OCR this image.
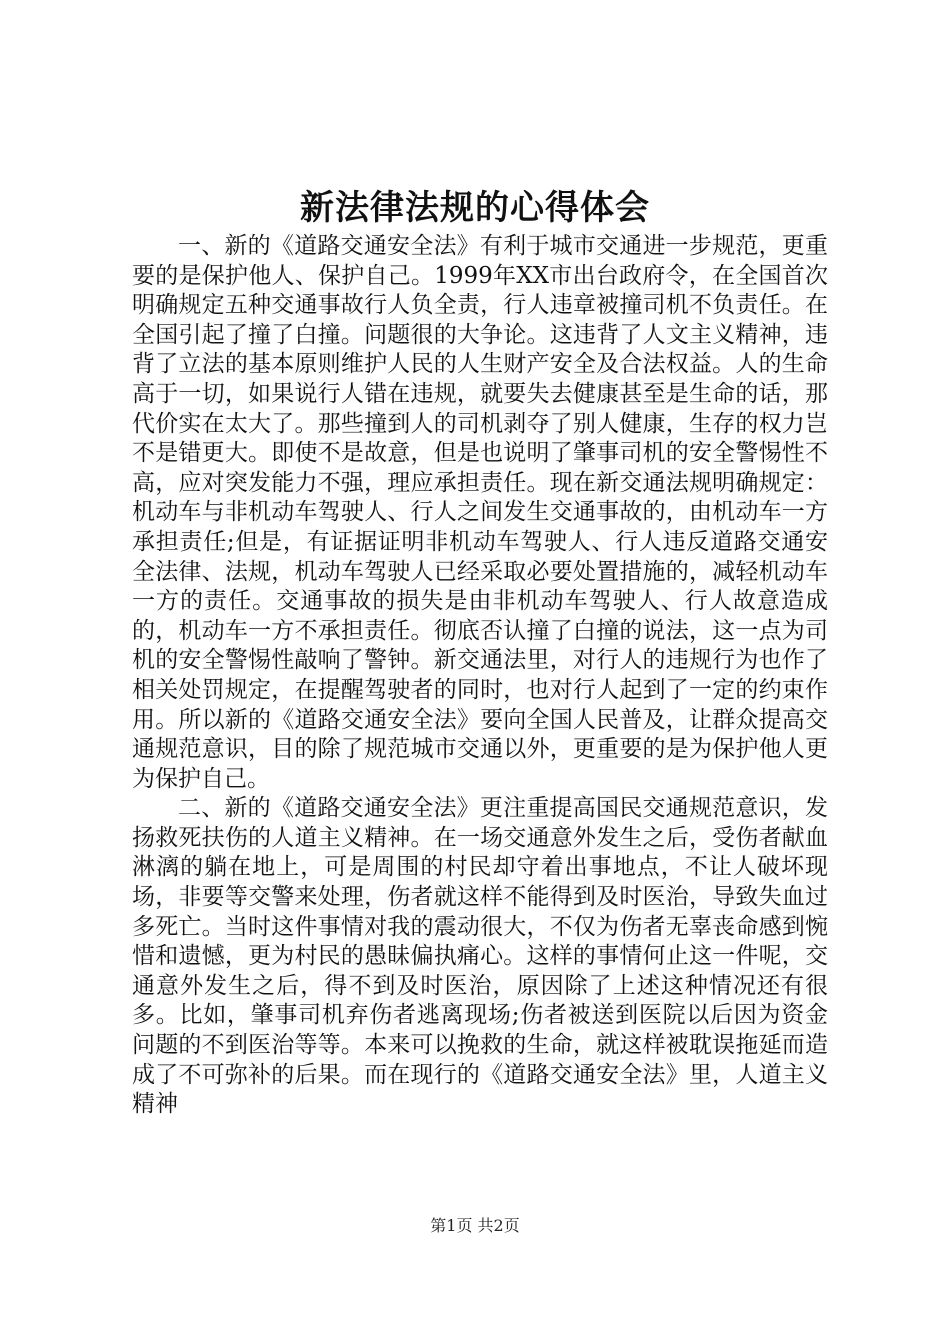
新法律法规的心得体会

一、新的《道路交通安全法》有利于城市交通进一步规范，更重要的是保护他人、保护自己。1999年XX市出台政府令，在全国首次明确规定五种交通事故行人负全责，行人违章被撞司机不负责任。在全国引起了撞了白撞。问题很的大争论。这违背了人文主义精神，违背了立法的基本原则维护人民的人生财产安全及合法权益。人的生命高于一切，如果说行人错在违规，就要失去健康甚至是生命的话，那代价实在太大了。那些撞到人的司机剥夺了别人健康，生存的权力岂不是错更大。即使不是故意，但是也说明了肇事司机的安全警惕性不高，应对突发能力不强，理应承担责任。现在新交通法规明确规定：机动车与非机动车驾驶人、行人之间发生交通事故的，由机动车一方承担责任;但是，有证据证明非机动车驾驶人、行人违反道路交通安全法律、法规，机动车驾驶人已经采取必要处置措施的，减轻机动车一方的责任。交通事故的损失是由非机动车驾驶人、行人故意造成的，机动车一方不承担责任。彻底否认撞了白撞的说法，这一点为司机的安全警惕性敲响了警钟。新交通法里，对行人的违规行为也作了相关处罚规定，在提醒驾驶者的同时，也对行人起到了一定的约束作用。所以新的《道路交通安全法》要向全国人民普及，让群众提高交通规范意识，目的除了规范城市交通以外，更重要的是为保护他人更为保护自己。

二、新的《道路交通安全法》更注重提高国民交通规范意识，发扬救死扶伤的人道主义精神。在一场交通意外发生之后，受伤者献血淋漓的躺在地上，可是周围的村民却守着出事地点，不让人破坏现场，非要等交警来处理，伤者就这样不能得到及时医治，导致失血过多死亡。当时这件事情对我的震动很大，不仅为伤者无辜丧命感到惋惜和遗憾，更为村民的愚昧偏执痛心。这样的事情何止这一件呢，交通意外发生之后，得不到及时医治，原因除了上述这种情况还有很多。比如，肇事司机弃伤者逃离现场;伤者被送到医院以后因为资金问题的不到医治等等。本来可以挽救的生命，就这样被耽误拖延而造成了不可弥补的后果。而在现行的《道路交通安全法》里，人道主义精神

第1页 共2页
